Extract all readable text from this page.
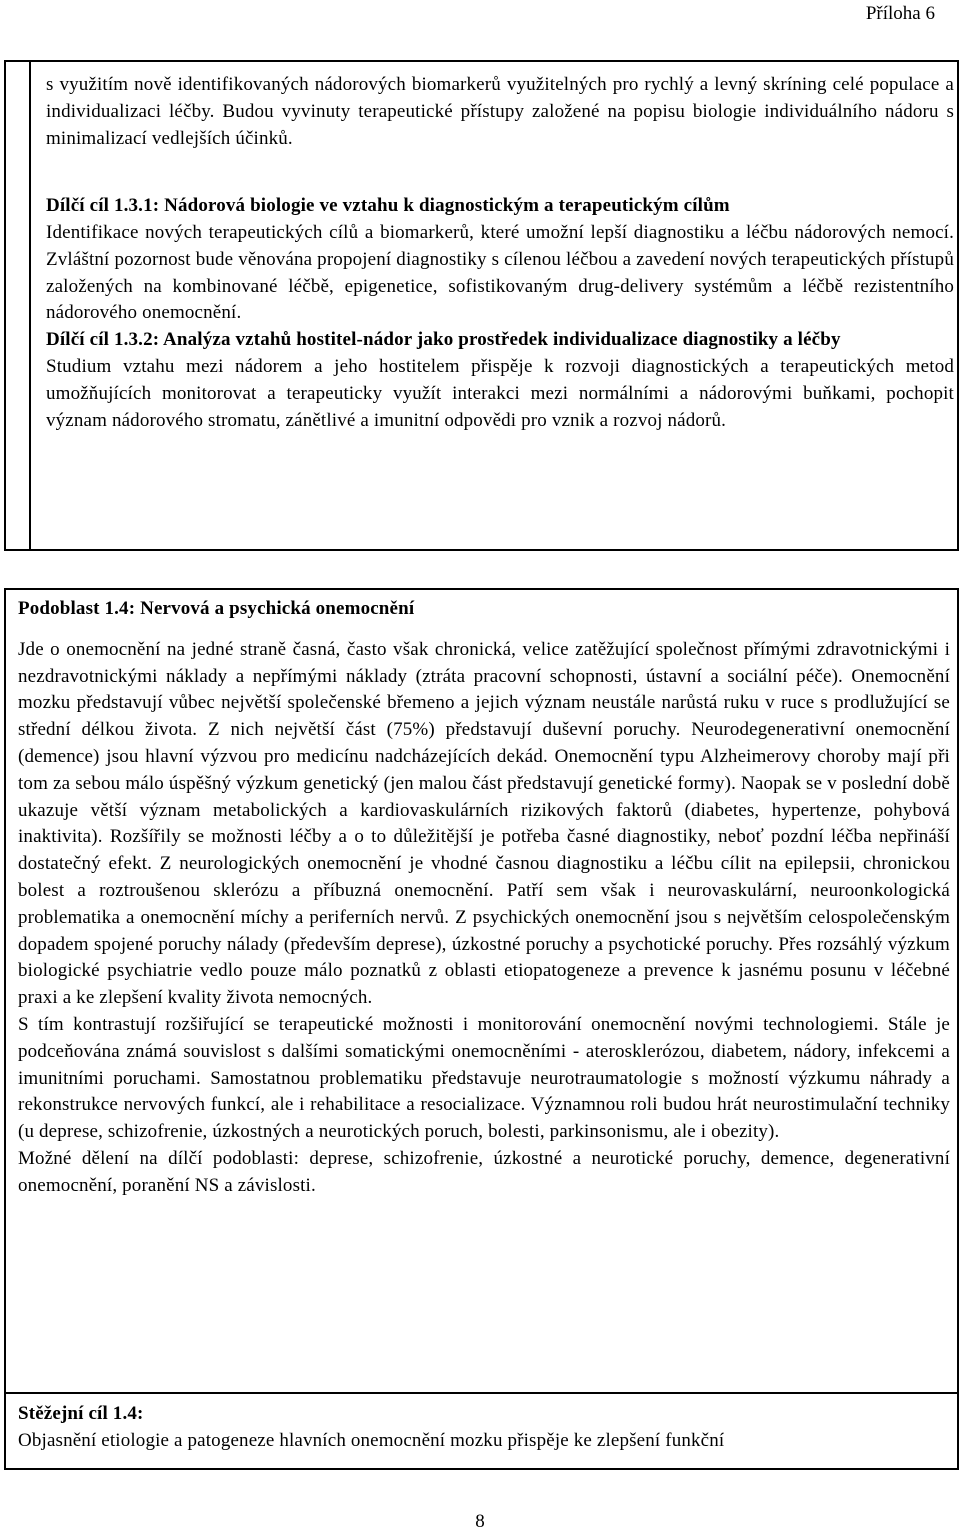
Příloha 6

s využitím nově identifikovaných nádorových biomarkerů využitelných pro rychlý a levný skríning celé populace a individualizaci léčby. Budou vyvinuty terapeutické přístupy založené na popisu biologie individuálního nádoru s minimalizací vedlejších účinků.

Dílčí cíl 1.3.1: Nádorová biologie ve vztahu k diagnostickým a terapeutickým cílům

Identifikace nových terapeutických cílů a biomarkerů, které umožní lepší diagnostiku a léčbu nádorových nemocí. Zvláštní pozornost bude věnována propojení diagnostiky s cílenou léčbou a zavedení nových terapeutických přístupů založených na kombinované léčbě, epigenetice, sofistikovaným drug-delivery systémům a léčbě rezistentního nádorového onemocnění.

Dílčí cíl 1.3.2: Analýza vztahů hostitel-nádor jako prostředek individualizace diagnostiky a léčby

Studium vztahu mezi nádorem a jeho hostitelem přispěje k rozvoji diagnostických a terapeutických metod umožňujících monitorovat a terapeuticky využít interakci mezi normálními a nádorovými buňkami, pochopit význam nádorového stromatu, zánětlivé a imunitní odpovědi pro vznik a rozvoj nádorů.

Podoblast 1.4: Nervová a psychická onemocnění

Jde o onemocnění na jedné straně časná, často však chronická, velice zatěžující společnost přímými zdravotnickými i nezdravotnickými náklady a nepřímými náklady (ztráta pracovní schopnosti, ústavní a sociální péče). Onemocnění mozku představují vůbec největší společenské břemeno a jejich význam neustále narůstá ruku v ruce s prodlužující se střední délkou života. Z nich největší část (75%) představují duševní poruchy. Neurodegenerativní onemocnění (demence) jsou hlavní výzvou pro medicínu nadcházejících dekád. Onemocnění typu Alzheimerovy choroby mají při tom za sebou málo úspěšný výzkum genetický (jen malou část představují genetické formy). Naopak se v poslední době ukazuje větší význam metabolických a kardiovaskulárních rizikových faktorů (diabetes, hypertenze, pohybová inaktivita). Rozšířily se možnosti léčby a o to důležitější je potřeba časné diagnostiky, neboť pozdní léčba nepřináší dostatečný efekt. Z neurologických onemocnění je vhodné časnou diagnostiku a léčbu cílit na epilepsii, chronickou bolest a roztroušenou sklerózu a příbuzná onemocnění. Patří sem však i neurovaskulární, neuroonkologická problematika a onemocnění míchy a periferních nervů. Z psychických onemocnění jsou s největším celospolečenským dopadem spojené poruchy nálady (především deprese), úzkostné poruchy a psychotické poruchy. Přes rozsáhlý výzkum biologické psychiatrie vedlo pouze málo poznatků z oblasti etiopatogeneze a prevence k jasnému posunu v léčebné praxi a ke zlepšení kvality života nemocných.

S tím kontrastují rozšiřující se terapeutické možnosti i monitorování onemocnění novými technologiemi. Stále je podceňována známá souvislost s dalšími somatickými onemocněními - aterosklerózou, diabetem, nádory, infekcemi a imunitními poruchami. Samostatnou problematiku představuje neurotraumatologie s možností výzkumu náhrady a rekonstrukce nervových funkcí, ale i rehabilitace a resocializace. Významnou roli budou hrát neurostimulační techniky (u deprese, schizofrenie, úzkostných a neurotických poruch, bolesti, parkinsonismu, ale i obezity).

Možné dělení na dílčí podoblasti: deprese, schizofrenie, úzkostné a neurotické poruchy, demence, degenerativní onemocnění, poranění NS a závislosti.

Stěžejní cíl 1.4:

Objasnění etiologie a patogeneze hlavních onemocnění mozku přispěje ke zlepšení funkční

8
